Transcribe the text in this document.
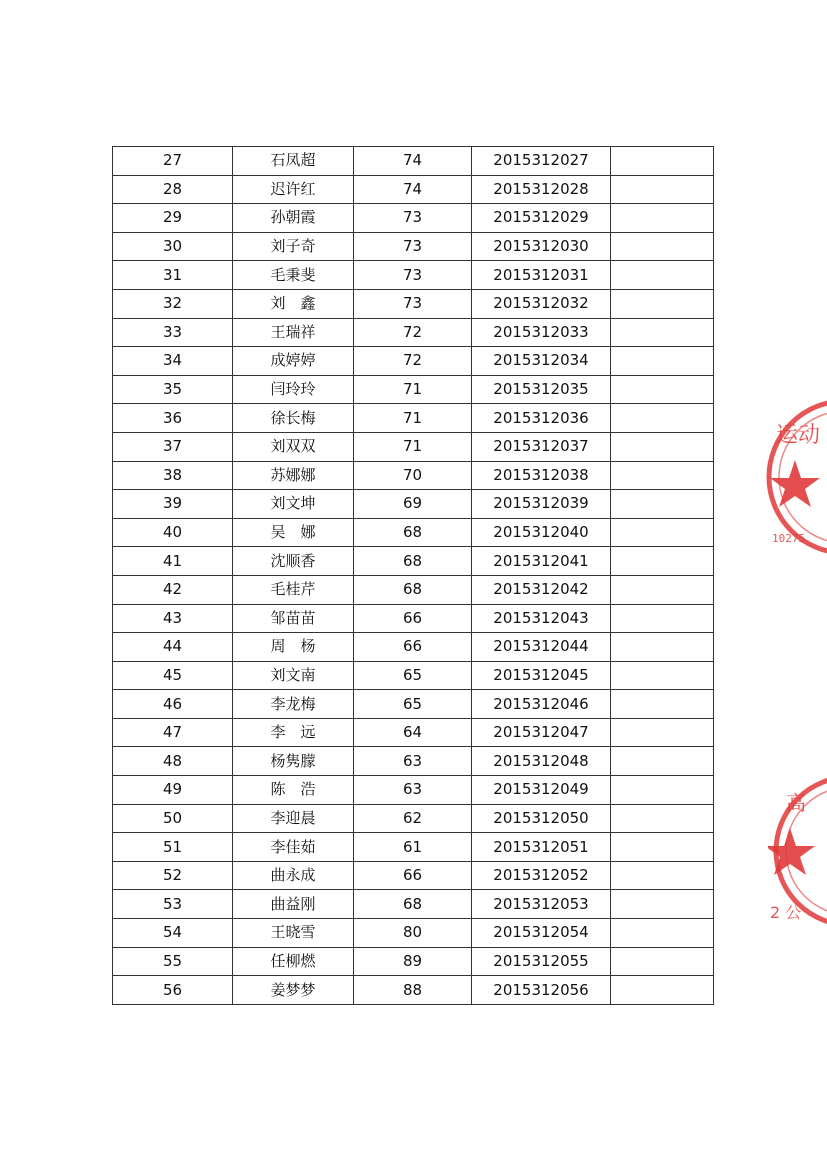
27	石凤超	74	2015312027	
28	迟许红	74	2015312028	
29	孙朝霞	73	2015312029	
30	刘子奇	73	2015312030	
31	毛秉斐	73	2015312031	
32	刘　鑫	73	2015312032	
33	王瑞祥	72	2015312033	
34	成婷婷	72	2015312034	
35	闫玲玲	71	2015312035	
36	徐长梅	71	2015312036	
37	刘双双	71	2015312037	
38	苏娜娜	70	2015312038	
39	刘文坤	69	2015312039	
40	吴　娜	68	2015312040	
41	沈顺香	68	2015312041	
42	毛桂芹	68	2015312042	
43	邹苗苗	66	2015312043	
44	周　杨	66	2015312044	
45	刘文南	65	2015312045	
46	李龙梅	65	2015312046	
47	李　远	64	2015312047	
48	杨隽朦	63	2015312048	
49	陈　浩	63	2015312049	
50	李迎晨	62	2015312050	
51	李佳茹	61	2015312051	
52	曲永成	66	2015312052	
53	曲益刚	68	2015312053	
54	王晓雪	80	2015312054	
55	任柳燃	89	2015312055	
56	姜梦梦	88	2015312056	
运动
10275
高
2 公
